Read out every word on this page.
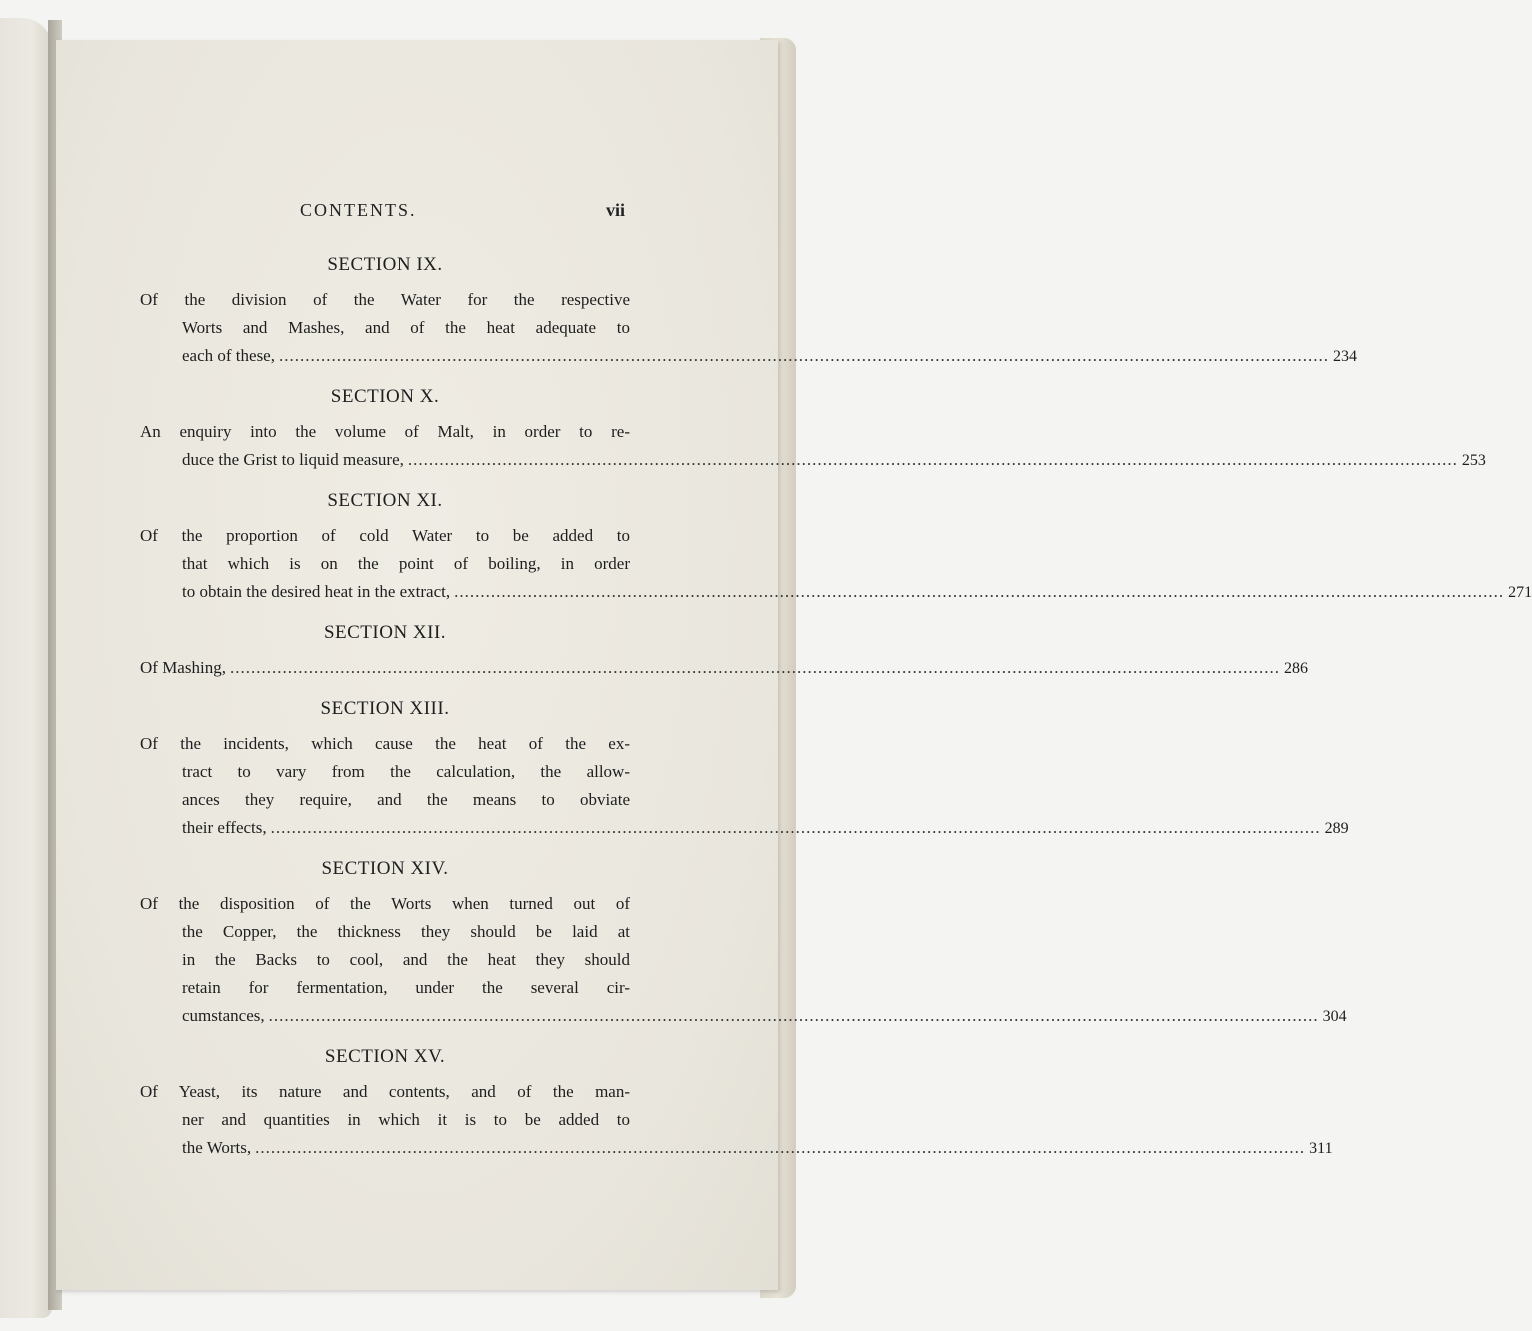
CONTENTS.	vii
SECTION IX.
Of the division of the Water for the respective
Worts and Mashes, and of the heat adequate to
each of these, ........................................................................................................................................................................................................ 234
SECTION X.
An enquiry into the volume of Malt, in order to re-
duce the Grist to liquid measure, ........................................................................................................................................................................................................ 253
SECTION XI.
Of the proportion of cold Water to be added to
that which is on the point of boiling, in order
to obtain the desired heat in the extract, ........................................................................................................................................................................................................ 271
SECTION XII.
Of Mashing, ........................................................................................................................................................................................................ 286
SECTION XIII.
Of the incidents, which cause the heat of the ex-
tract to vary from the calculation, the allow-
ances they require, and the means to obviate
their effects, ........................................................................................................................................................................................................ 289
SECTION XIV.
Of the disposition of the Worts when turned out of
the Copper, the thickness they should be laid at
in the Backs to cool, and the heat they should
retain for fermentation, under the several cir-
cumstances, ........................................................................................................................................................................................................ 304
SECTION XV.
Of Yeast, its nature and contents, and of the man-
ner and quantities in which it is to be added to
the Worts, ........................................................................................................................................................................................................ 311
